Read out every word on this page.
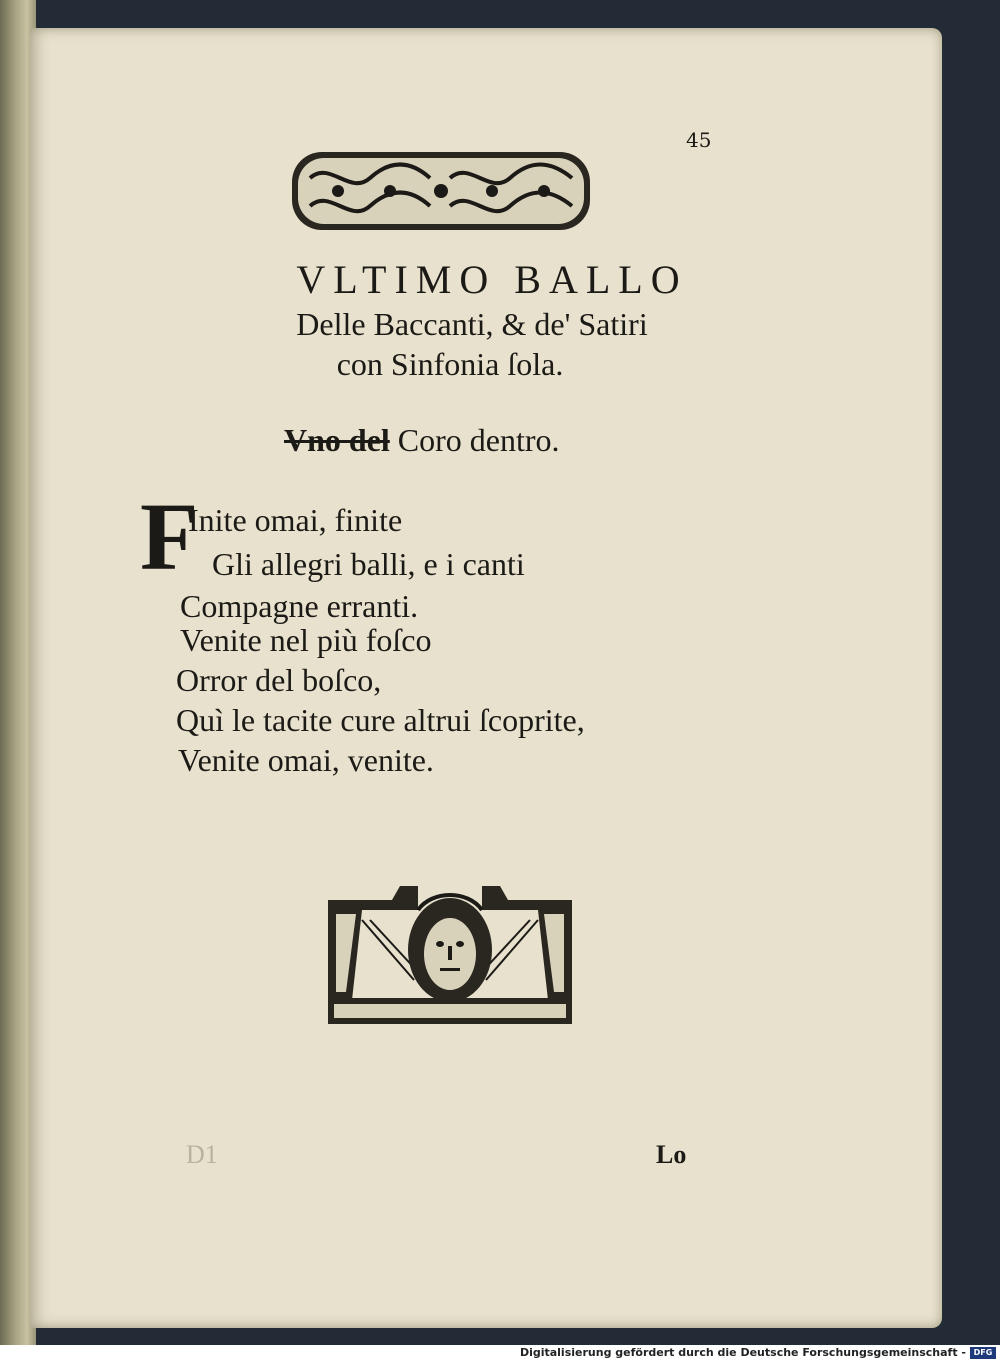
45
VLTIMO BALLO
Delle Baccanti, & de' Satiri
con Sinfonia ſola.
Vno del Coro dentro.
F
Inite omai, finite
Gli allegri balli, e i canti
Compagne erranti.
Venite nel più foſco
Orror del boſco,
Quì le tacite cure altrui ſcoprite,
Venite omai, venite.
D1	Lo
Digitalisierung gefördert durch die Deutsche Forschungsgemeinschaft - DFG
